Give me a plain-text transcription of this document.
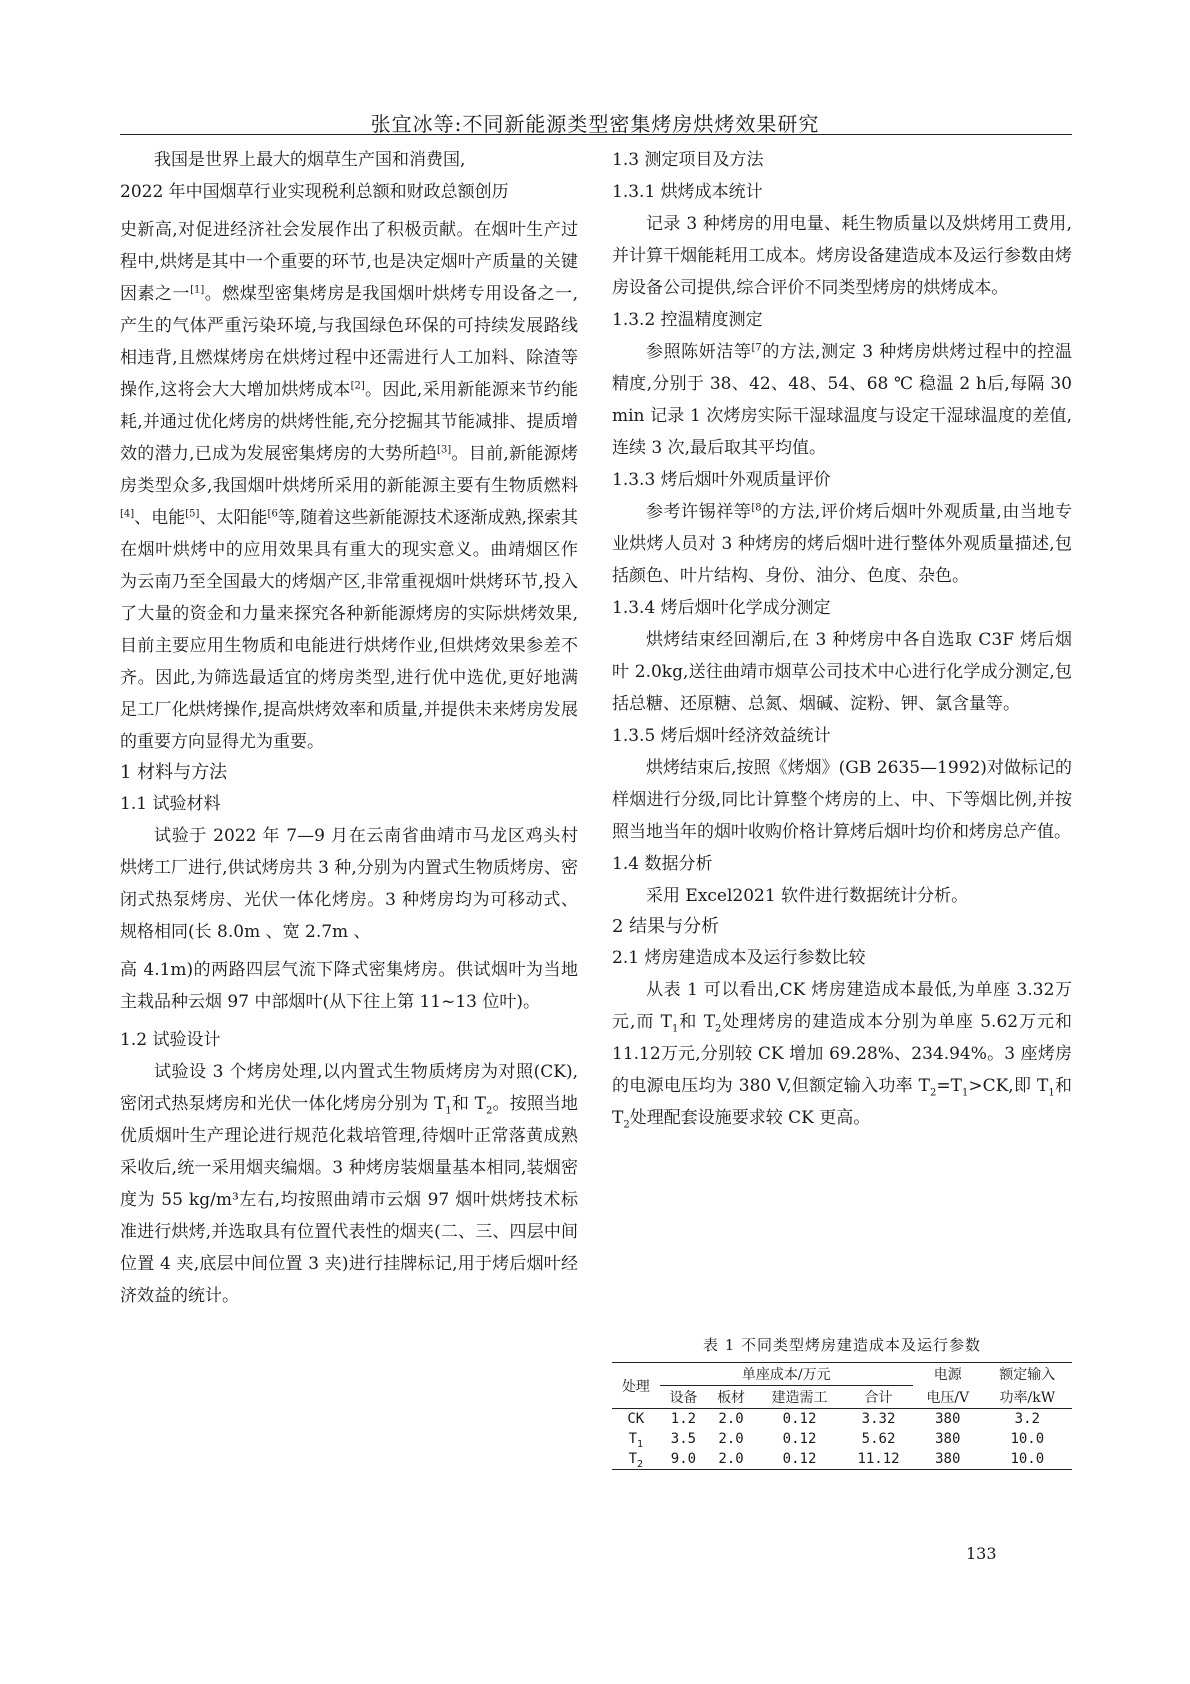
张宜冰等:不同新能源类型密集烤房烘烤效果研究

我国是世界上最大的烟草生产国和消费国,

2022 年中国烟草行业实现税利总额和财政总额创历

史新高,对促进经济社会发展作出了积极贡献。在烟叶生产过程中,烘烤是其中一个重要的环节,也是决定烟叶产质量的关键因素之一[1]。燃煤型密集烤房是我国烟叶烘烤专用设备之一,产生的气体严重污染环境,与我国绿色环保的可持续发展路线相违背,且燃煤烤房在烘烤过程中还需进行人工加料、除渣等操作,这将会大大增加烘烤成本[2]。因此,采用新能源来节约能耗,并通过优化烤房的烘烤性能,充分挖掘其节能减排、提质增效的潜力,已成为发展密集烤房的大势所趋[3]。目前,新能源烤房类型众多,我国烟叶烘烤所采用的新能源主要有生物质燃料[4]、电能[5]、太阳能$^{[6}$等,随着这些新能源技术逐渐成熟,探索其在烟叶烘烤中的应用效果具有重大的现实意义。曲靖烟区作为云南乃至全国最大的烤烟产区,非常重视烟叶烘烤环节,投入了大量的资金和力量来探究各种新能源烤房的实际烘烤效果,目前主要应用生物质和电能进行烘烤作业,但烘烤效果参差不齐。因此,为筛选最适宜的烤房类型,进行优中选优,更好地满足工厂化烘烤操作,提高烘烤效率和质量,并提供未来烤房发展的重要方向显得尤为重要。

1 材料与方法

1.1 试验材料

试验于 2022 年 7—9 月在云南省曲靖市马龙区鸡头村烘烤工厂进行,供试烤房共 3 种,分别为内置式生物质烤房、密闭式热泵烤房、光伏一体化烤房。3 种烤房均为可移动式、规格相同(长 8.0m 、宽 2.7m 、

高 4.1m)的两路四层气流下降式密集烤房。供试烟叶为当地主栽品种云烟 97 中部烟叶(从下往上第 11~13 位叶)。

1.2 试验设计

试验设 3 个烤房处理,以内置式生物质烤房为对照(CK),密闭式热泵烤房和光伏一体化烤房分别为 $T_1$和 $T_2$。按照当地优质烟叶生产理论进行规范化栽培管理,待烟叶正常落黄成熟采收后,统一采用烟夹编烟。3 种烤房装烟量基本相同,装烟密度为 55 kg/m³左右,均按照曲靖市云烟 97 烟叶烘烤技术标准进行烘烤,并选取具有位置代表性的烟夹(二、三、四层中间位置 4 夹,底层中间位置 3 夹)进行挂牌标记,用于烤后烟叶经济效益的统计。

1.3 测定项目及方法

1.3.1 烘烤成本统计

记录 3 种烤房的用电量、耗生物质量以及烘烤用工费用,并计算干烟能耗用工成本。烤房设备建造成本及运行参数由烤房设备公司提供,综合评价不同类型烤房的烘烤成本。

1.3.2 控温精度测定

参照陈妍洁等$^{[7}$的方法,测定 3 种烤房烘烤过程中的控温精度,分别于 38、42、48、54、68 ℃ 稳温 2 h后,每隔 30 min 记录 1 次烤房实际干湿球温度与设定干湿球温度的差值,连续 3 次,最后取其平均值。

1.3.3 烤后烟叶外观质量评价

参考许锡祥等$^{[8}$的方法,评价烤后烟叶外观质量,由当地专业烘烤人员对 3 种烤房的烤后烟叶进行整体外观质量描述,包括颜色、叶片结构、身份、油分、色度、杂色。

1.3.4 烤后烟叶化学成分测定

烘烤结束经回潮后,在 3 种烤房中各自选取 C3F 烤后烟叶 2.0kg,送往曲靖市烟草公司技术中心进行化学成分测定,包括总糖、还原糖、总氮、烟碱、淀粉、钾、氯含量等。

1.3.5 烤后烟叶经济效益统计

烘烤结束后,按照《烤烟》(GB 2635—1992)对做标记的样烟进行分级,同比计算整个烤房的上、中、下等烟比例,并按照当地当年的烟叶收购价格计算烤后烟叶均价和烤房总产值。

1.4 数据分析

采用 Excel2021 软件进行数据统计分析。

2 结果与分析

2.1 烤房建造成本及运行参数比较

从表 1 可以看出,CK 烤房建造成本最低,为单座 3.32万元,而 $T_1$和 $T_2$处理烤房的建造成本分别为单座 5.62万元和 11.12万元,分别较 CK 增加 69.28%、234.94%。3 座烤房的电源电压均为 380 V,但额定输入功率 $T_2=T_1>CK$,即 $T_1$和 $T_2$处理配套设施要求较 CK 更高。

表 1 不同类型烤房建造成本及运行参数
处理	单座成本/万元				电源	额定输入
	设备	板材	建造需工	合计	电压/V	功率/kW
CK	1.2	2.0	0.12	3.32	380	3.2
$T_1$	3.5	2.0	0.12	5.62	380	10.0
$T_2$	9.0	2.0	0.12	11.12	380	10.0
133
